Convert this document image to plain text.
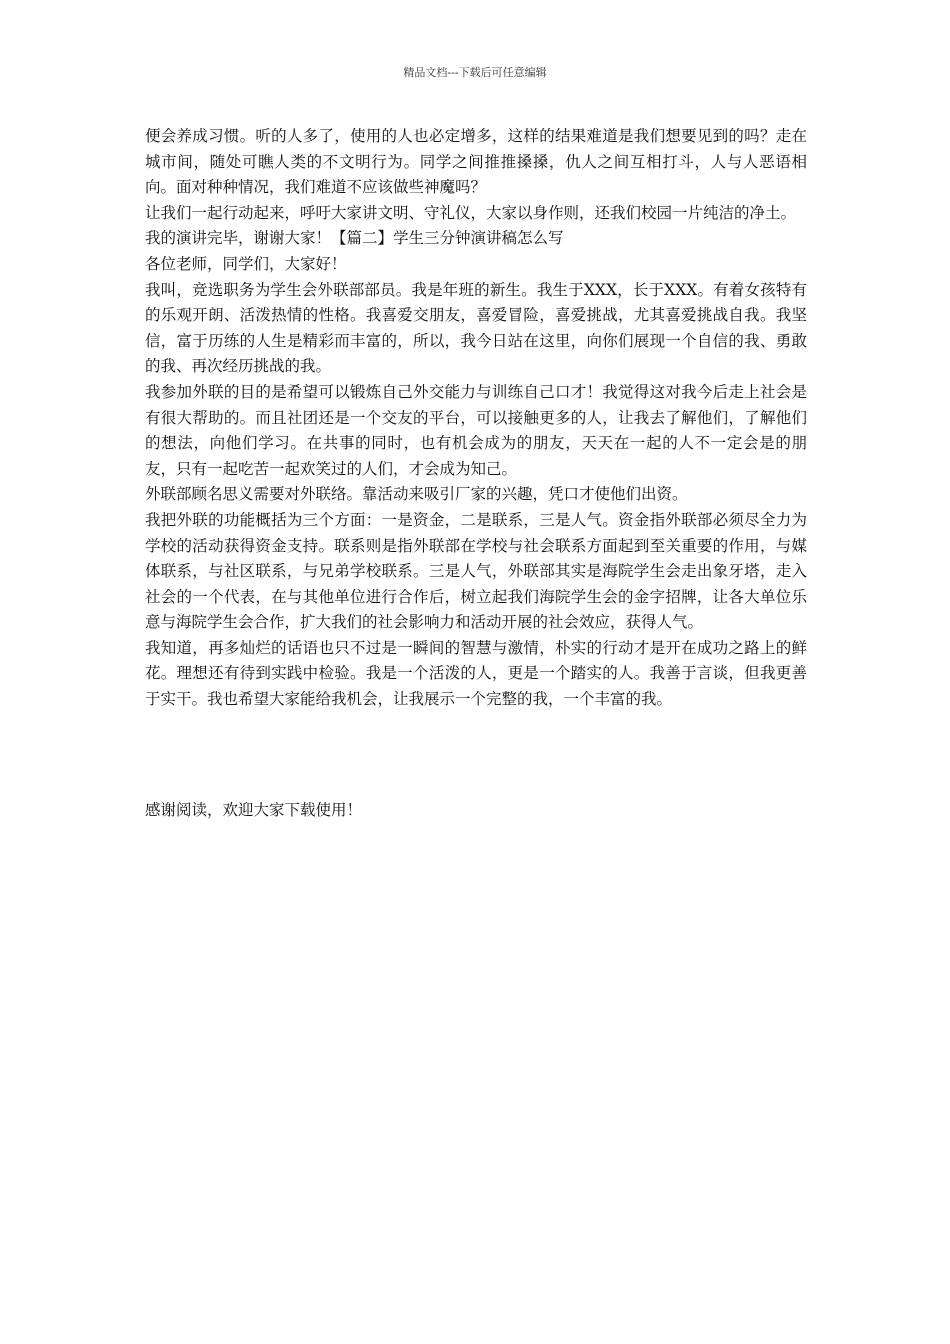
精品文档---下载后可任意编辑

便会养成习惯。听的人多了，使用的人也必定增多，这样的结果难道是我们想要见到的吗？走在城市间，随处可瞧人类的不文明行为。同学之间推推搡搡，仇人之间互相打斗，人与人恶语相向。面对种种情况，我们难道不应该做些神魔吗？

让我们一起行动起来，呼吁大家讲文明、守礼仪，大家以身作则，还我们校园一片纯洁的净土。

我的演讲完毕，谢谢大家！【篇二】学生三分钟演讲稿怎么写

各位老师，同学们，大家好！

我叫，竞选职务为学生会外联部部员。我是年班的新生。我生于XXX，长于XXX。有着女孩特有的乐观开朗、活泼热情的性格。我喜爱交朋友，喜爱冒险，喜爱挑战，尤其喜爱挑战自我。我坚信，富于历练的人生是精彩而丰富的，所以，我今日站在这里，向你们展现一个自信的我、勇敢的我、再次经历挑战的我。

我参加外联的目的是希望可以锻炼自己外交能力与训练自己口才！我觉得这对我今后走上社会是有很大帮助的。而且社团还是一个交友的平台，可以接触更多的人，让我去了解他们，了解他们的想法，向他们学习。在共事的同时，也有机会成为的朋友，天天在一起的人不一定会是的朋友，只有一起吃苦一起欢笑过的人们，才会成为知己。

外联部顾名思义需要对外联络。靠活动来吸引厂家的兴趣，凭口才使他们出资。

我把外联的功能概括为三个方面：一是资金，二是联系，三是人气。资金指外联部必须尽全力为学校的活动获得资金支持。联系则是指外联部在学校与社会联系方面起到至关重要的作用，与媒体联系，与社区联系，与兄弟学校联系。三是人气，外联部其实是海院学生会走出象牙塔，走入社会的一个代表，在与其他单位进行合作后，树立起我们海院学生会的金字招牌，让各大单位乐意与海院学生会合作，扩大我们的社会影响力和活动开展的社会效应，获得人气。

我知道，再多灿烂的话语也只不过是一瞬间的智慧与激情，朴实的行动才是开在成功之路上的鲜花。理想还有待到实践中检验。我是一个活泼的人，更是一个踏实的人。我善于言谈，但我更善于实干。我也希望大家能给我机会，让我展示一个完整的我，一个丰富的我。

感谢阅读，欢迎大家下载使用！
